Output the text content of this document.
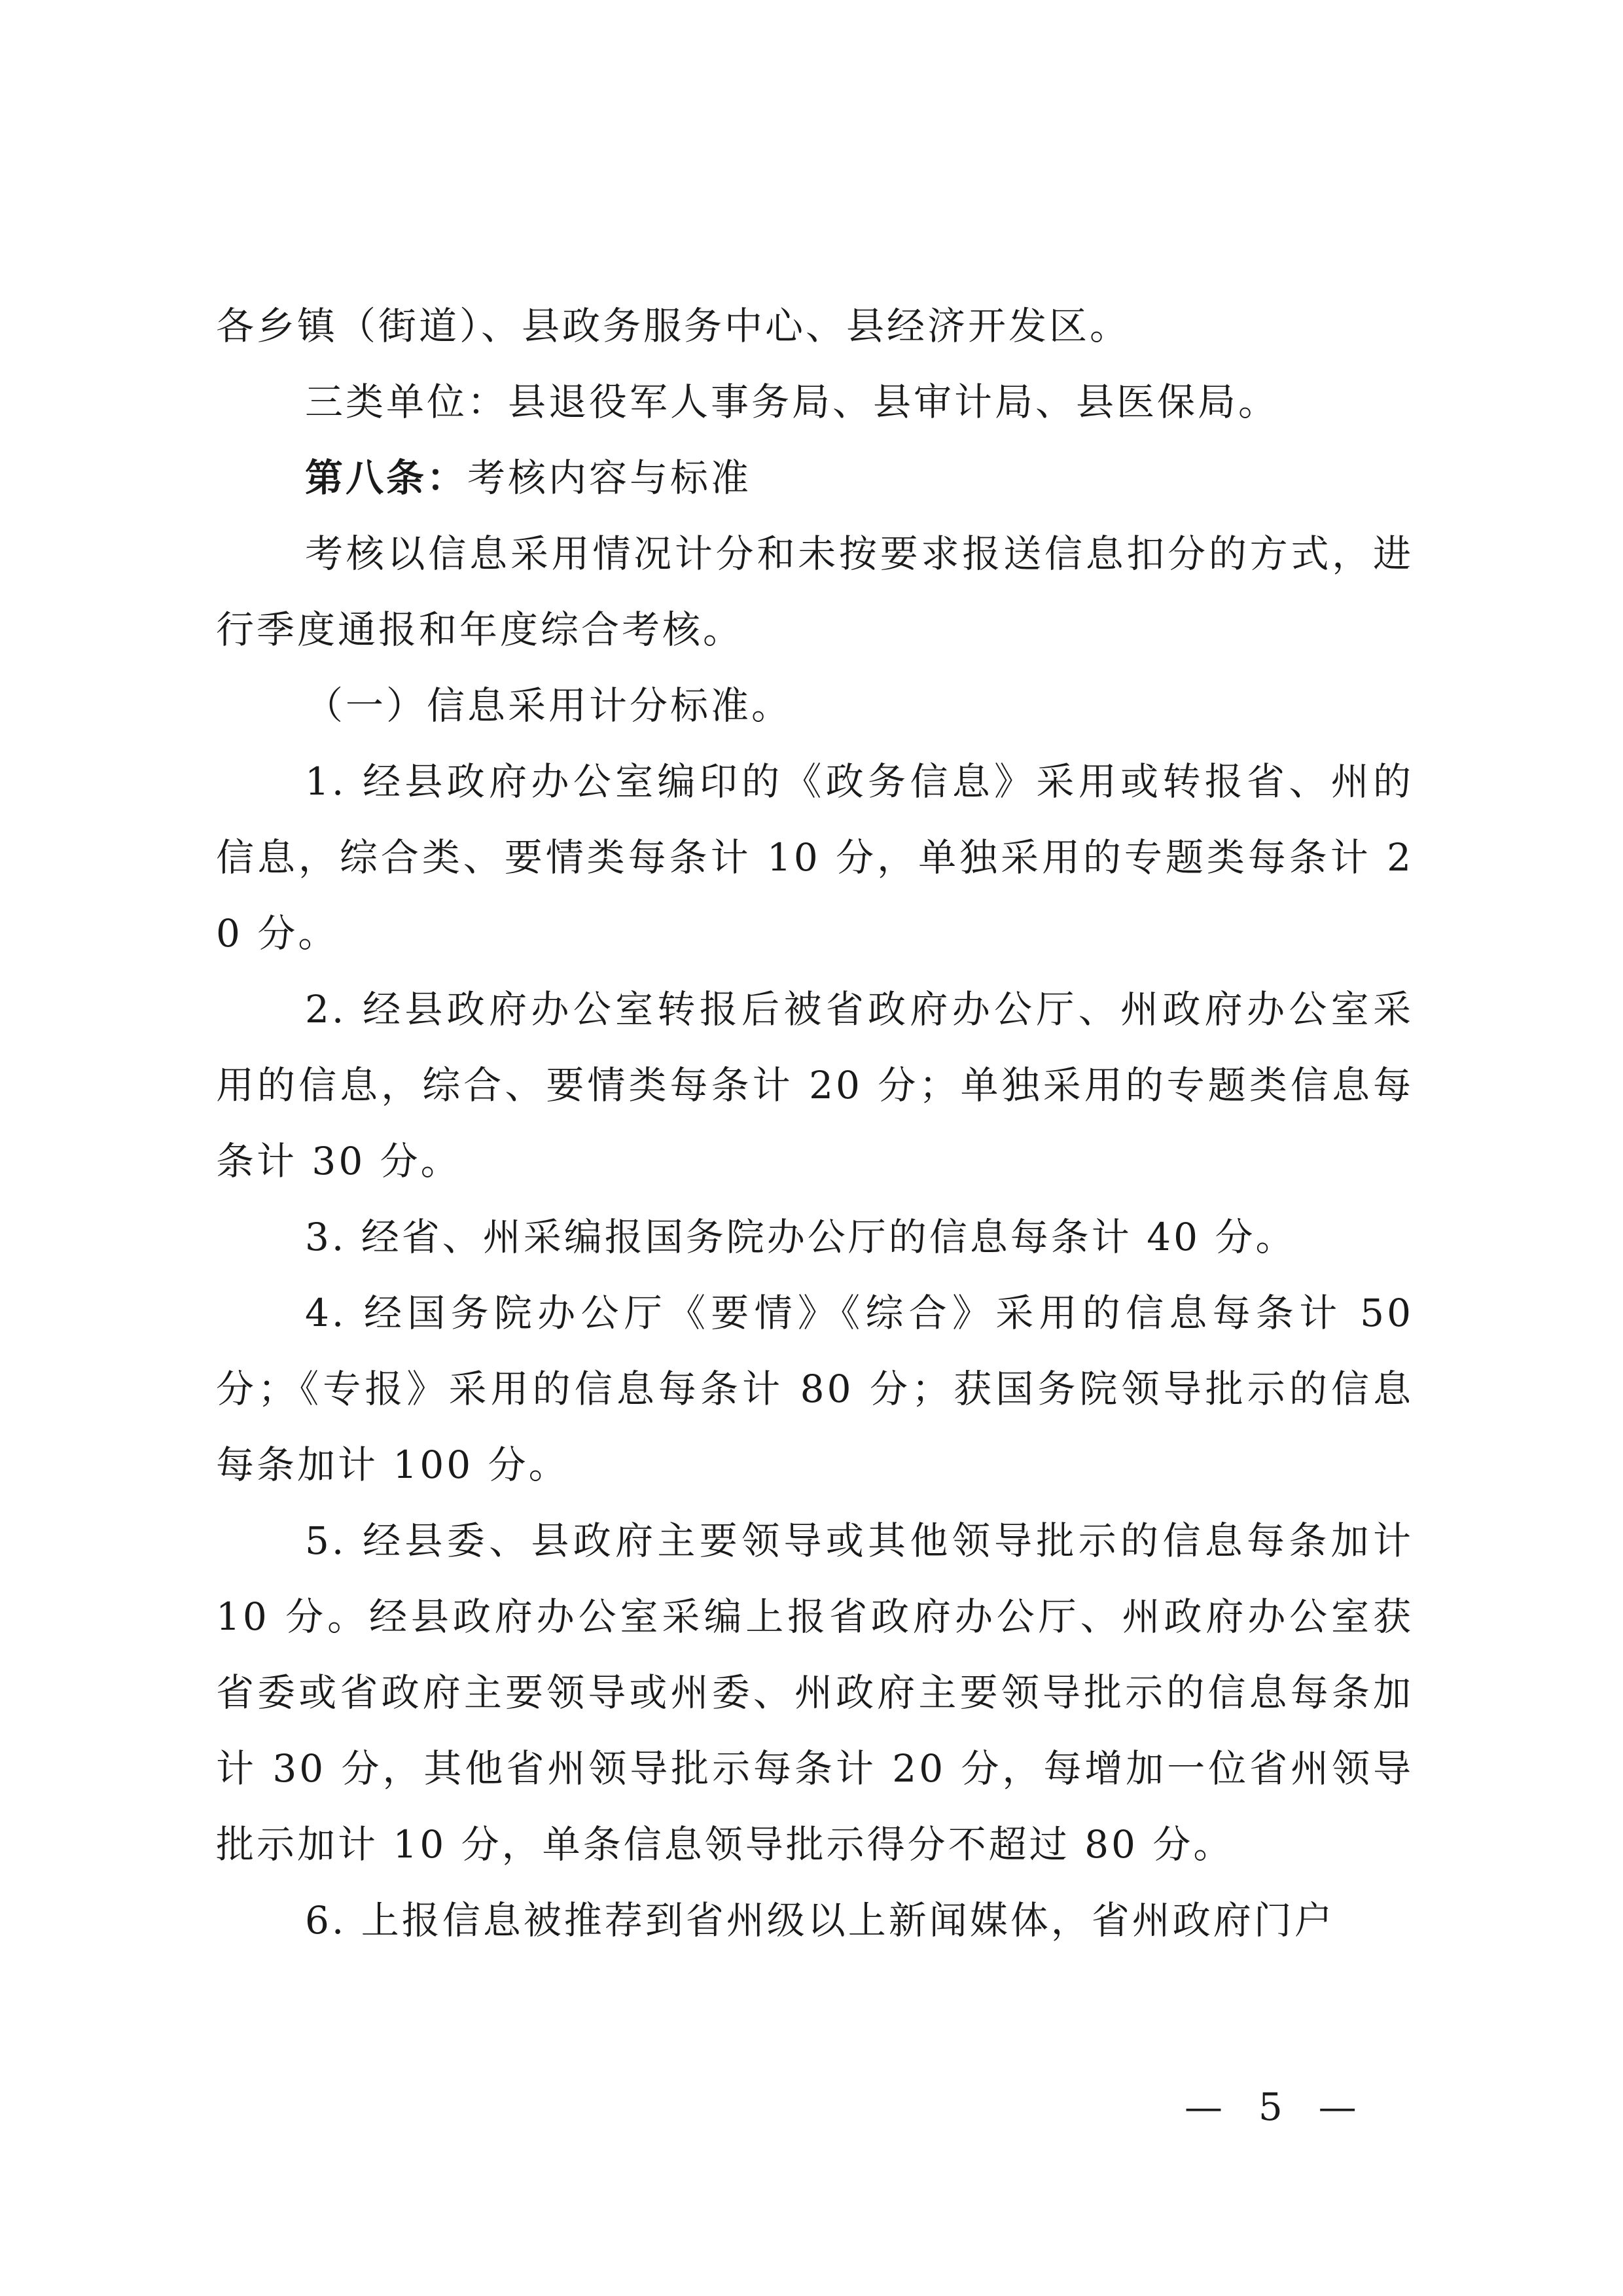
各乡镇（街道）、县政务服务中心、县经济开发区。

三类单位：县退役军人事务局、县审计局、县医保局。

第八条：考核内容与标准

考核以信息采用情况计分和未按要求报送信息扣分的方式，进行季度通报和年度综合考核。

（一）信息采用计分标准。

1. 经县政府办公室编印的《政务信息》采用或转报省、州的信息，综合类、要情类每条计 10 分，单独采用的专题类每条计 20 分。

2. 经县政府办公室转报后被省政府办公厅、州政府办公室采用的信息，综合、要情类每条计 20 分；单独采用的专题类信息每条计 30 分。

3. 经省、州采编报国务院办公厅的信息每条计 40 分。

4. 经国务院办公厅《要情》《综合》采用的信息每条计 50 分；《专报》采用的信息每条计 80 分；获国务院领导批示的信息每条加计 100 分。

5. 经县委、县政府主要领导或其他领导批示的信息每条加计 10 分。经县政府办公室采编上报省政府办公厅、州政府办公室获省委或省政府主要领导或州委、州政府主要领导批示的信息每条加计 30 分，其他省州领导批示每条计 20 分，每增加一位省州领导批示加计 10 分，单条信息领导批示得分不超过 80 分。

6. 上报信息被推荐到省州级以上新闻媒体，省州政府门户

—  5  —
